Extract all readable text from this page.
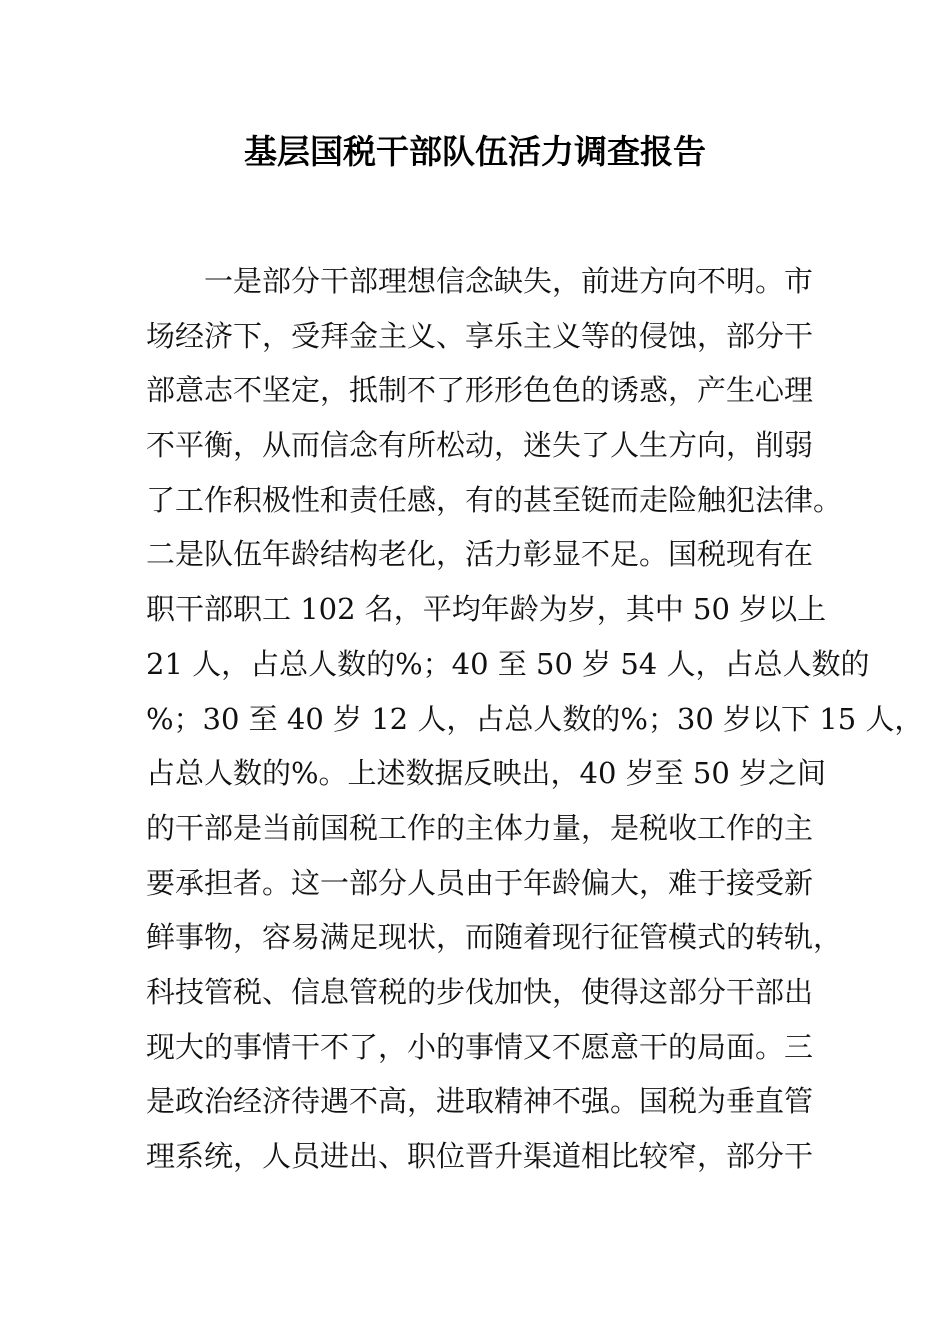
基层国税干部队伍活力调查报告
一是部分干部理想信念缺失，前进方向不明。市
场经济下，受拜金主义、享乐主义等的侵蚀，部分干
部意志不坚定，抵制不了形形色色的诱惑，产生心理
不平衡，从而信念有所松动，迷失了人生方向，削弱
了工作积极性和责任感，有的甚至铤而走险触犯法律。
二是队伍年龄结构老化，活力彰显不足。国税现有在
职干部职工 102 名，平均年龄为岁，其中 50 岁以上
21 人，占总人数的%；40 至 50 岁 54 人，占总人数的
%；30 至 40 岁 12 人，占总人数的%；30 岁以下 15 人，
占总人数的%。上述数据反映出，40 岁至 50 岁之间
的干部是当前国税工作的主体力量，是税收工作的主
要承担者。这一部分人员由于年龄偏大，难于接受新
鲜事物，容易满足现状，而随着现行征管模式的转轨，
科技管税、信息管税的步伐加快，使得这部分干部出
现大的事情干不了，小的事情又不愿意干的局面。三
是政治经济待遇不高，进取精神不强。国税为垂直管
理系统，人员进出、职位晋升渠道相比较窄，部分干
